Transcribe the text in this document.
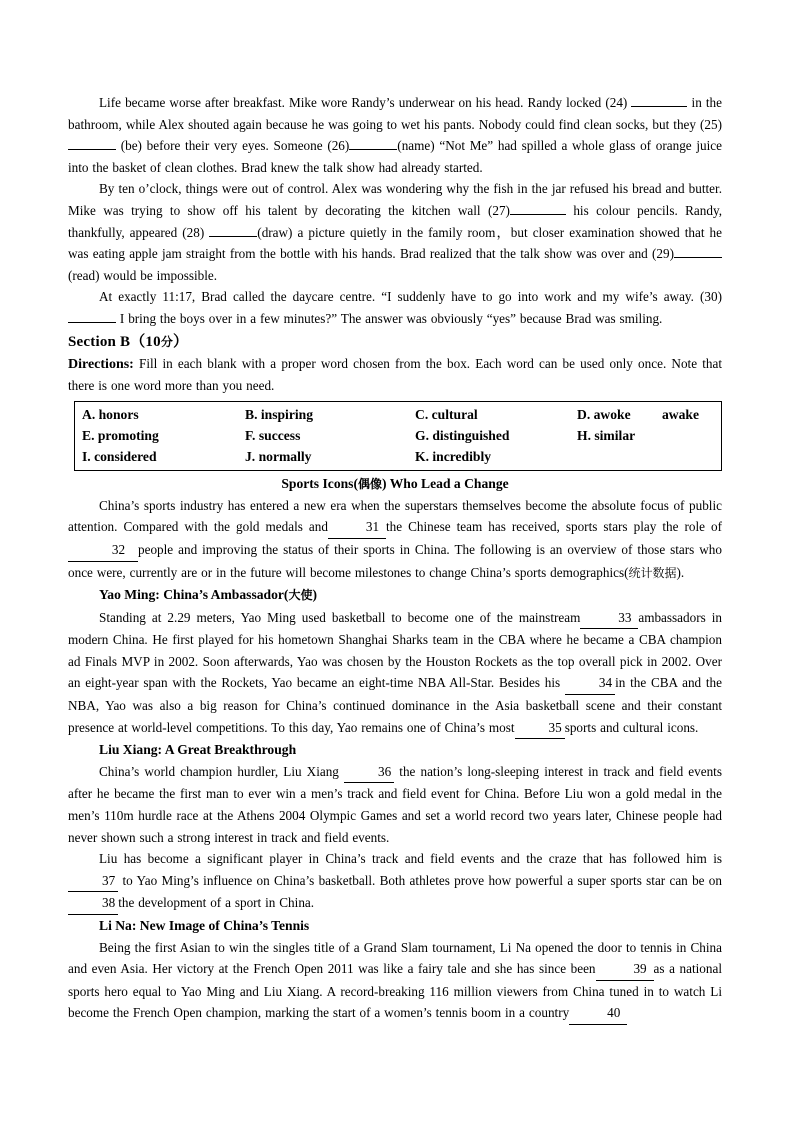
Life became worse after breakfast. Mike wore Randy’s underwear on his head. Randy locked (24)	in the bathroom, while Alex shouted again because he was going to wet his pants. Nobody could find clean socks, but they (25)  (be) before their very eyes. Someone (26)	(name) “Not Me” had spilled a whole glass of orange juice into the basket of clean clothes. Brad knew the talk show had already started.

By ten o’clock, things were out of control. Alex was wondering why the fish in the jar refused his bread and butter. Mike was trying to show off his talent by decorating the kitchen wall (27)	his colour pencils. Randy, thankfully, appeared (28)	(draw) a picture quietly in the family room，but closer examination showed that he was eating apple jam straight from the bottle with his hands. Brad realized that the talk show was over and (29)(read) would be impossible.

At exactly 11:17, Brad called the daycare centre. “I suddenly have to go into work and my wife’s away. (30) I bring the boys over in a few minutes?” The answer was obviously “yes” because Brad was smiling.

Section B（10分）

Directions: Fill in each blank with a proper word chosen from the box. Each word can be used only once. Note that there is one word more than you need.

A. honors	B. inspiring	C. cultural	D. awoke awake
E. promoting	F. success	G. distinguished	H. similar
I. considered	J. normally	K. incredibly
Sports Icons(偶像) Who Lead a Change

China’s sports industry has entered a new era when the superstars themselves become the absolute focus of public attention. Compared with the gold medals and	31 the Chinese team has received, sports stars play the role of32 people and improving the status of their sports in China. The following is an overview of those stars who once were, currently are or in the future will become milestones to change China’s sports demographics(统计数据).

Yao Ming: China’s Ambassador(大使)

Standing at 2.29 meters, Yao Ming used basketball to become one of the mainstream	33 ambassadors in modern China. He first played for his hometown Shanghai Sharks team in the CBA where he became a CBA champion ad Finals MVP in 2002. Soon afterwards, Yao was chosen by the Houston Rockets as the top overall pick in 2002. Over an eight-year span with the Rockets, Yao became an eight-time NBA All-Star. Besides his	34 in the CBA and the NBA, Yao was also a big reason for China’s continued dominance in the Asia basketball scene and their constant presence at world-level competitions. To this day, Yao remains one of China’s most	35 sports and cultural icons.

Liu Xiang: A Great Breakthrough

China’s world champion hurdler, Liu Xiang	36 the nation’s long-sleeping interest in track and field events after he became the first man to ever win a men’s track and field event for China. Before Liu won a gold medal in the men’s 110m hurdle race at the Athens 2004 Olympic Games and set a world record two years later, Chinese people had never shown such a strong interest in track and field events.

Liu has become a significant player in China’s track and field events and the craze that has followed him is 37 to Yao Ming’s influence on China’s basketball. Both athletes prove how powerful a super sports star can be on 38 the development of a sport in China.

Li Na: New Image of China’s Tennis

Being the first Asian to win the singles title of a Grand Slam tournament, Li Na opened the door to tennis in China and even Asia. Her victory at the French Open 2011 was like a fairy tale and she has since been	39 as a national sports hero equal to Yao Ming and Liu Xiang. A record-breaking 116 million viewers from China tuned in to watch Li become the French Open champion, marking the start of a women’s tennis boom in a country	40
